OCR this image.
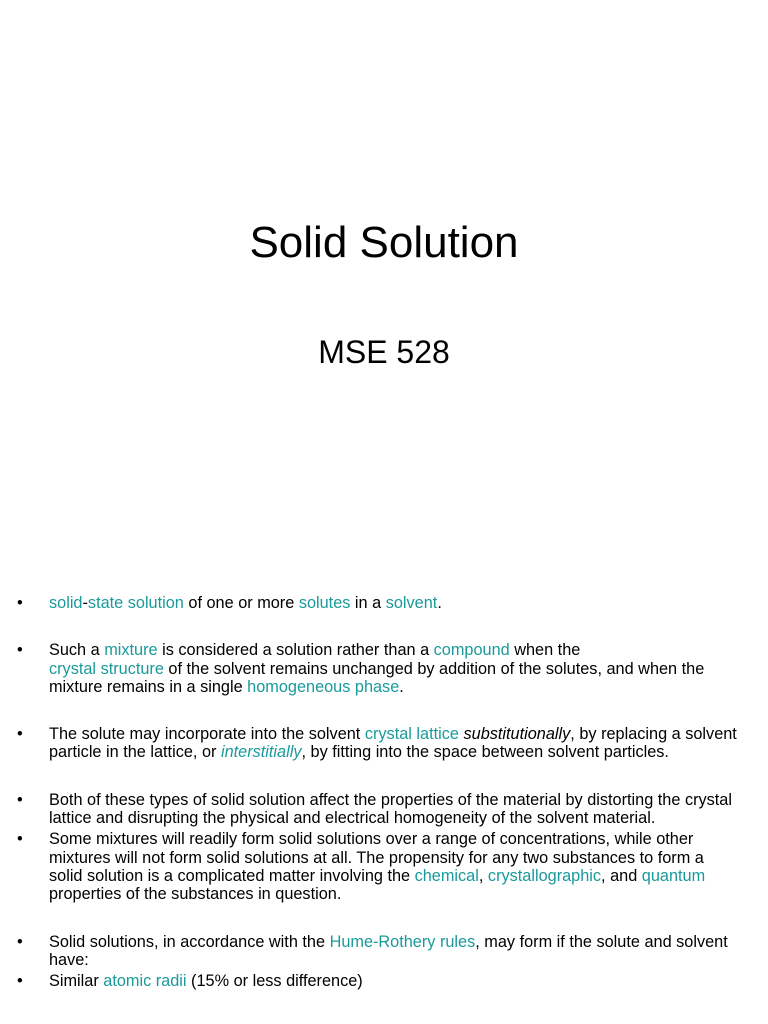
Solid Solution
MSE 528
• solid-state solution of one or more solutes in a solvent.
• Such a mixture is considered a solution rather than a compound when the
crystal structure of the solvent remains unchanged by addition of the solutes, and when the mixture remains in a single homogeneous phase.
• The solute may incorporate into the solvent crystal lattice substitutionally, by replacing a solvent particle in the lattice, or interstitially, by fitting into the space between solvent particles.
• Both of these types of solid solution affect the properties of the material by distorting the crystal lattice and disrupting the physical and electrical homogeneity of the solvent material.
• Some mixtures will readily form solid solutions over a range of concentrations, while other mixtures will not form solid solutions at all. The propensity for any two substances to form a solid solution is a complicated matter involving the chemical, crystallographic, and quantum properties of the substances in question.
• Solid solutions, in accordance with the Hume-Rothery rules, may form if the solute and solvent have:
• Similar atomic radii (15% or less difference)
